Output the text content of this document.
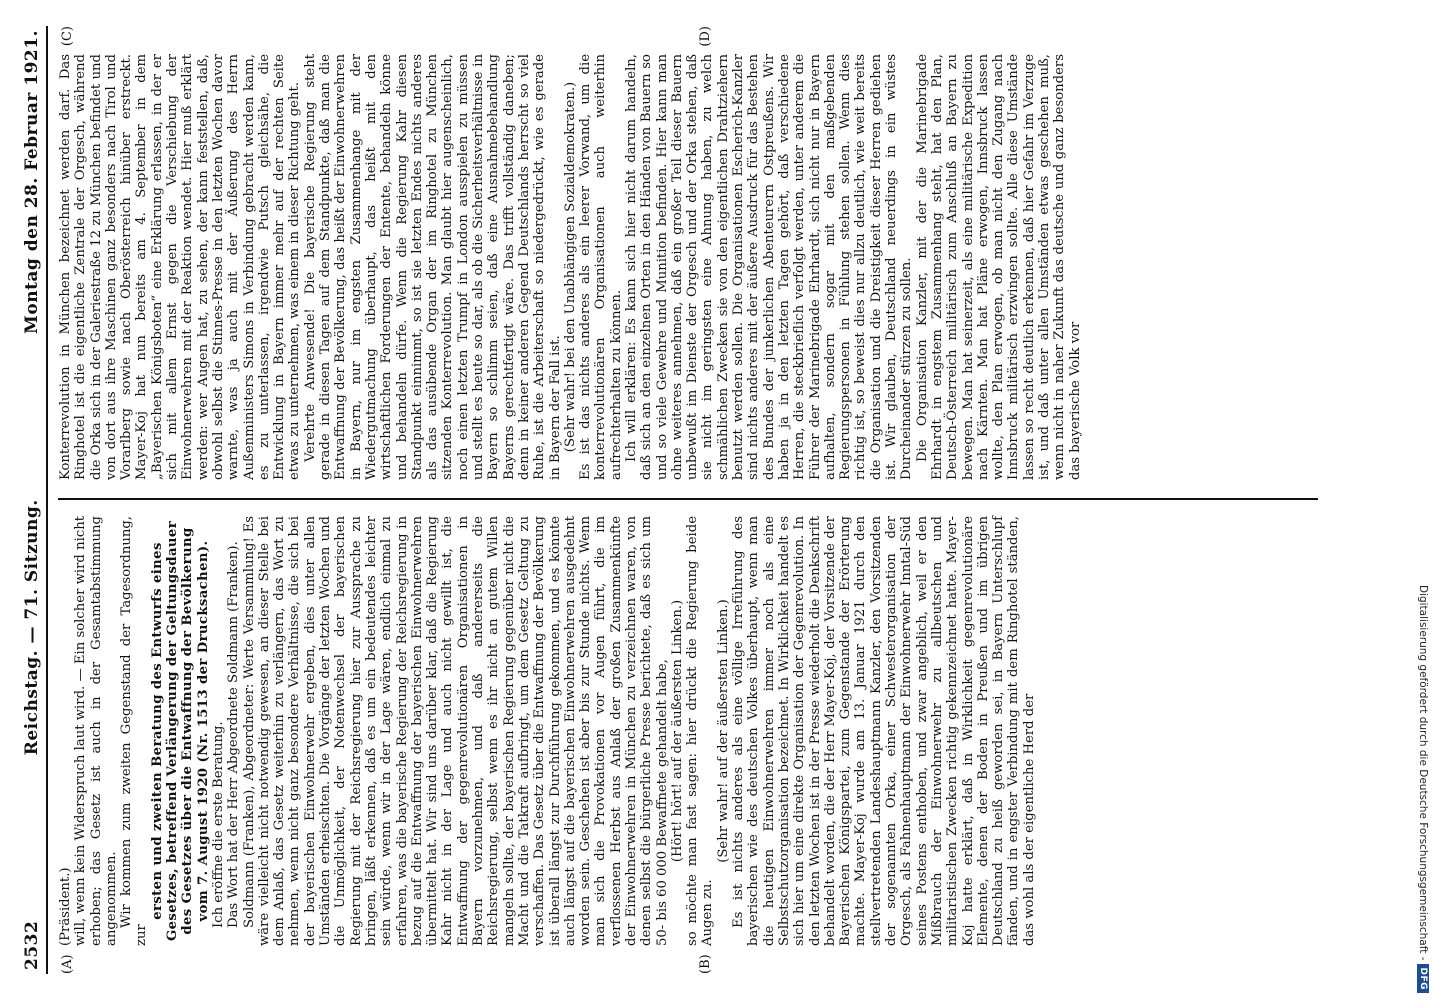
2532
Reichstag. — 71. Sitzung.
Montag den 28. Februar 1921.
(A)	(B)

(Präsident.) will, wenn kein Widerspruch laut wird. — Ein solcher wird nicht erhoben; das Gesetz ist auch in der Gesamtabstimmung angenommen. Wir kommen zum zweiten Gegenstand der Tagesordnung, zur

ersten und zweiten Beratung des Entwurfs eines Gesetzes, betreffend Verlängerung der Geltungsdauer des Gesetzes über die Entwaffnung der Bevölkerung vom 7. August 1920 (Nr. 1513 der Drucksachen). Ich eröffne die erste Beratung. Das Wort hat der Herr Abgeordnete Soldmann (Franken). Soldmann (Franken), Abgeordneter: Werte Versammlung! Es wäre vielleicht nicht notwendig gewesen, an dieser Stelle bei dem Anlaß, das Gesetz weiterhin zu verlängern, das Wort zu nehmen, wenn nicht ganz besondere Verhältnisse, die sich bei der bayerischen Einwohnerwehr ergeben, dies unter allen Umständen erheischten. Die Vorgänge der letzten Wochen und die Unmöglichkeit, der Notenwechsel der bayerischen Regierung mit der Reichsregierung hier zur Aussprache zu bringen, läßt erkennen, daß es um ein bedeutendes leichter sein würde, wenn wir in der Lage wären, endlich einmal zu erfahren, was die bayerische Regierung der Reichsregierung in bezug auf die Entwaffnung der bayerischen Einwohnerwehren übermittelt hat. Wir sind uns darüber klar, daß die Regierung Kahr nicht in der Lage und auch nicht gewillt ist, die Entwaffnung der gegenrevolutionären Organisationen in Bayern vorzunehmen, und daß andererseits die Reichsregierung, selbst wenn es ihr nicht an gutem Willen mangeln sollte, der bayerischen Regierung gegenüber nicht die Macht und die Tatkraft aufbringt, um dem Gesetz Geltung zu verschaffen. Das Gesetz über die Entwaffnung der Bevölkerung ist überall längst zur Durchführung gekommen, und es könnte auch längst auf die bayerischen Einwohnerwehren ausgedehnt worden sein. Geschehen ist aber bis zur Stunde nichts. Wenn man sich die Provokationen vor Augen führt, die im verflossenen Herbst aus Anlaß der großen Zusammenkünfte der Einwohnerwehren in München zu verzeichnen waren, von denen selbst die bürgerliche Presse berichtete, daß es sich um 50- bis 60 000 Bewaffnete gehandelt habe, (Hört! hört! auf der äußersten Linken.) so möchte man fast sagen: hier drückt die Regierung beide Augen zu.

(Sehr wahr! auf der äußersten Linken.) Es ist nichts anderes als eine völlige Irreführung des bayerischen wie des deutschen Volkes überhaupt, wenn man die heutigen Einwohnerwehren immer noch als eine Selbstschutzorganisation bezeichnet. In Wirklichkeit handelt es sich hier um eine direkte Organisation der Gegenrevolution. In den letzten Wochen ist in der Presse wiederholt die Denkschrift behandelt worden, die der Herr Mayer-Koj, der Vorsitzende der Bayerischen Königspartei, zum Gegenstande der Erörterung machte. Mayer-Koj wurde am 13. Januar 1921 durch den stellvertretenden Landeshauptmann Kanzler, den Vorsitzenden der sogenannten Orka, einer Schwesterorganisation der Orgesch, als Fahnenhauptmann der Einwohnerwehr Inntal-Süd seines Postens enthoben, und zwar angeblich, weil er den Mißbrauch der Einwohnerwehr zu allbeutschen und militaristischen Zwecken richtig gekennzeichnet hatte. Mayer-Koj hatte erklärt, daß in Wirklichkeit gegenrevolutionäre Elemente, denen der Boden in Preußen und im übrigen Deutschland zu heiß geworden sei, in Bayern Unterschlupf fänden, und in engster Verbindung mit dem Ringhotel ständen, das wohl als der eigentliche Herd der

(C)	(D)

Konterrevolution in München bezeichnet werden darf. Das Ringhotel ist die eigentliche Zentrale der Orgesch, während die Orka sich in der Galeriestraße 12 zu München befindet und von dort aus ihre Maschinen ganz besonders nach Tirol und Vorarlberg sowie nach Oberösterreich hinüber erstreckt. Mayer-Koj hat nun bereits am 4. September in dem „Bayerischen Königsboten“ eine Erklärung erlassen, in der er sich mit allem Ernst gegen die Verschiebung der Einwohnerwehren mit der Reaktion wendet. Hier muß erklärt werden: wer Augen hat, zu sehen, der kann feststellen, daß, obwohl selbst die Stinnes-Presse in den letzten Wochen davor warnte, was ja auch mit der Äußerung des Herrn Außenministers Simons in Verbindung gebracht werden kann, es zu unterlassen, irgendwie Putsch gleichsähe, die Entwicklung in Bayern immer mehr auf der rechten Seite etwas zu unternehmen, was einem in dieser Richtung geht. Verehrte Anwesende! Die bayerische Regierung steht gerade in diesen Tagen auf dem Standpunkte, daß man die Entwaffnung der Bevölkerung, das heißt der Einwohnerwehren in Bayern, nur im engsten Zusammenhange mit der Wiedergutmachung überhaupt, das heißt mit den wirtschaftlichen Forderungen der Entente, behandeln könne und behandeln dürfe. Wenn die Regierung Kahr diesen Standpunkt einnimmt, so ist sie letzten Endes nichts anderes als das ausübende Organ der im Ringhotel zu München sitzenden Konterrevolution. Man glaubt hier augenscheinlich, noch einen letzten Trumpf in London ausspielen zu müssen und stellt es heute so dar, als ob die Sicherheitsverhältnisse in Bayern so schlimm seien, daß eine Ausnahmebehandlung Bayerns gerechtfertigt wäre. Das trifft vollständig daneben; denn in keiner anderen Gegend Deutschlands herrscht so viel Ruhe, ist die Arbeiterschaft so niedergedrückt, wie es gerade in Bayern der Fall ist. (Sehr wahr! bei den Unabhängigen Sozialdemokraten.) Es ist das nichts anderes als ein leerer Vorwand, um die konterrevolutionären Organisationen auch weiterhin aufrechterhalten zu können. Ich will erklären: Es kann sich hier nicht darum handeln, daß sich an den einzelnen Orten in den Händen von Bauern so und so viele Gewehre und Munition befinden. Hier kann man ohne weiteres annehmen, daß ein großer Teil dieser Bauern unbewußt im Dienste der Orgesch und der Orka stehen, daß sie nicht im geringsten eine Ahnung haben, zu welch schmählichen Zwecken sie von den eigentlichen Drahtziehern benutzt werden sollen. Die Organisationen Escherich-Kanzler sind nichts anderes mit der äußere Ausdruck für das Bestehen des Bundes der junkerlichen Abenteurern Ostpreußens. Wir haben ja in den letzten Tagen gehört, daß verschiedene Herren, die steckbrieflich verfolgt werden, unter anderem die Führer der Marinebrigade Ehrhardt, sich nicht nur in Bayern aufhalten, sondern sogar mit den maßgebenden Regierungspersonen in Fühlung stehen sollen. Wenn dies richtig ist, so beweist dies nur allzu deutlich, wie weit bereits die Organisation und die Dreistigkeit dieser Herren gediehen ist. Wir glauben, Deutschland neuerdings in ein wüstes Durcheinander stürzen zu sollen. Die Organisation Kanzler, mit der die Marinebrigade Ehrhardt in engstem Zusammenhang steht, hat den Plan, Deutsch-Österreich militärisch zum Anschluß an Bayern zu bewegen. Man hat seinerzeit, als eine militärische Expedition nach Kärnten. Man hat Pläne erwogen, Innsbruck lassen wollte, den Plan erwogen, ob man nicht den Zugang nach Innsbruck militärisch erzwingen sollte. Alle diese Umstände lassen so recht deutlich erkennen, daß hier Gefahr im Verzuge ist, und daß unter allen Umständen etwas geschehen muß, wenn nicht in naher Zukunft das deutsche und ganz besonders das bayerische Volk vor

Digitalisierung gefördert durch die Deutsche Forschungsgemeinschaft -
DFG
